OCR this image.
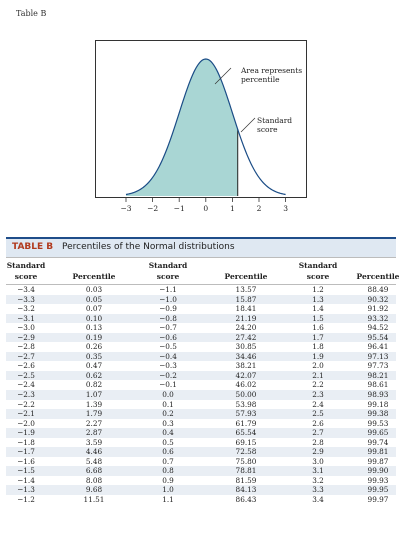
Table B
Area represents
percentile
Standard
score
−3 −2 −1 0	1	2	3
TABLE B Percentiles of the Normal distributions
Standard
score
	Percentile
Standard
score
	Percentile
Standard
score
	Percentile
−3.4	0.03	−1.1	13.57	1.2	88.49
−3.3	0.05	−1.0	15.87	1.3	90.32
−3.2	0.07	−0.9	18.41	1.4	91.92
−3.1	0.10	−0.8	21.19	1.5	93.32
−3.0	0.13	−0.7	24.20	1.6	94.52
−2.9	0.19	−0.6	27.42	1.7	95.54
−2.8	0.26	−0.5	30.85	1.8	96.41
−2.7	0.35	−0.4	34.46	1.9	97.13
−2.6	0.47	−0.3	38.21	2.0	97.73
−2.5	0.62	−0.2	42.07	2.1	98.21
−2.4	0.82	−0.1	46.02	2.2	98.61
−2.3	1.07	0.0	50.00	2.3	98.93
−2.2	1.39	0.1	53.98	2.4	99.18
−2.1	1.79	0.2	57.93	2.5	99.38
−2.0	2.27	0.3	61.79	2.6	99.53
−1.9	2.87	0.4	65.54	2.7	99.65
−1.8	3.59	0.5	69.15	2.8	99.74
−1.7	4.46	0.6	72.58	2.9	99.81
−1.6	5.48	0.7	75.80	3.0	99.87
−1.5	6.68	0.8	78.81	3.1	99.90
−1.4	8.08	0.9	81.59	3.2	99.93
−1.3	9.68	1.0	84.13	3.3	99.95
−1.2	11.51	1.1	86.43	3.4	99.97
